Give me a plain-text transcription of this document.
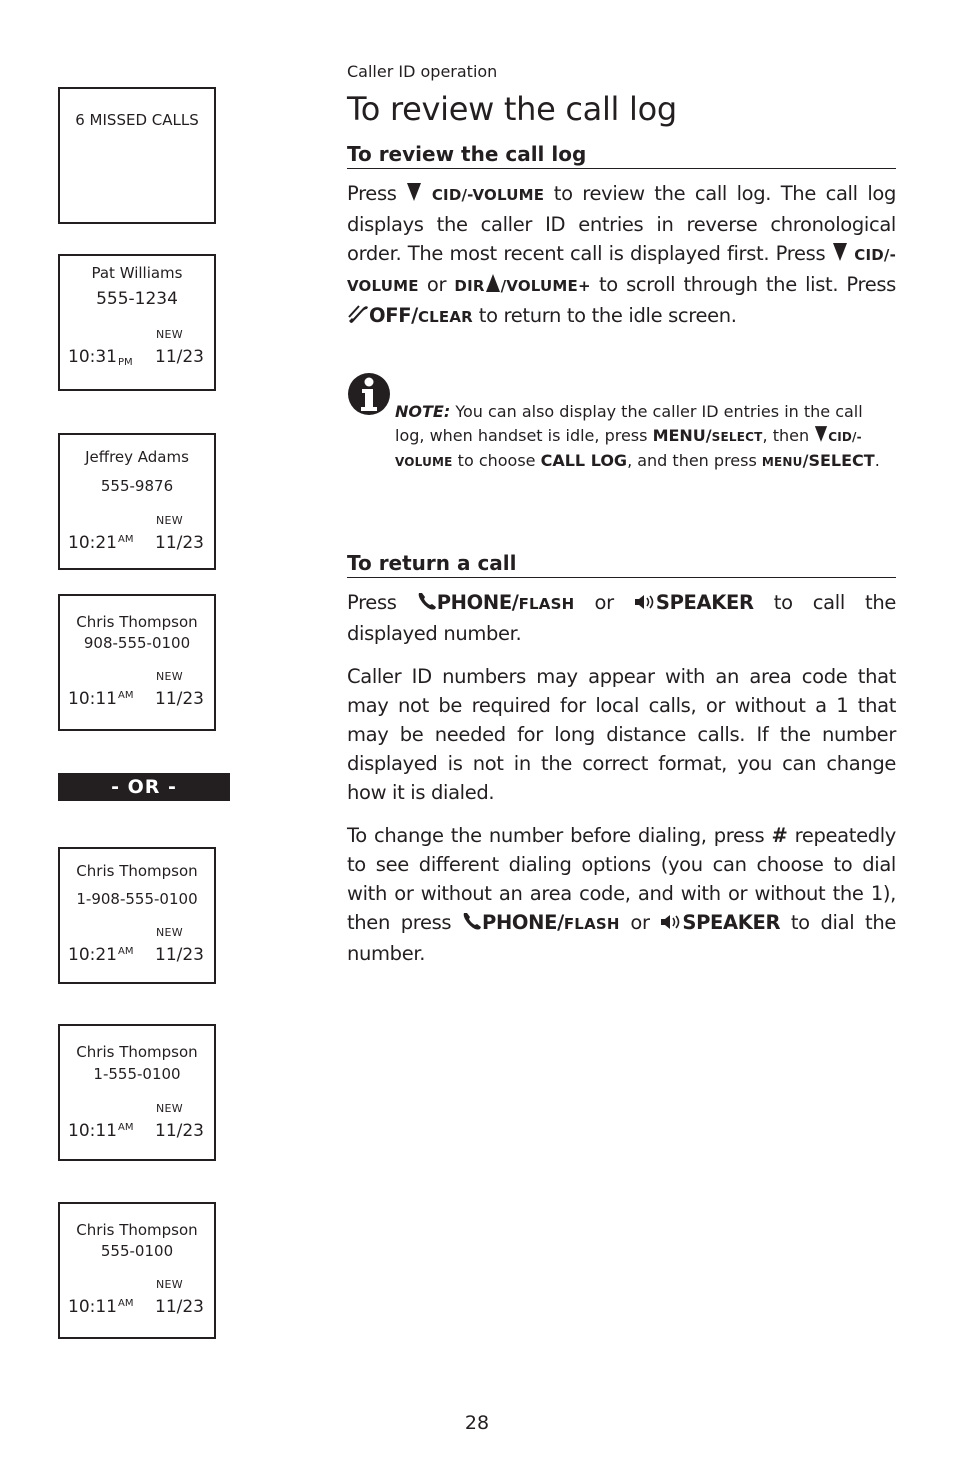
Caller ID operation
To review the call log
6 MISSED CALLS
Pat Williams
555-1234
NEW
10:31PM 11/23
Jeffrey Adams
555-9876
NEW
$10:21^{AM}$ 11/23
Chris Thompson
908-555-0100
NEW
$10:11^{AM}$ 11/23
- OR -
Chris Thompson
1-908-555-0100
NEW
$10:21^{AM}$ 11/23
Chris Thompson
1-555-0100
NEW
$10:11^{AM}$ 11/23
Chris Thompson
555-0100
NEW
$10:11^{AM}$ 11/23
To review the call log

Press  CID/-VOLUME to review the call log. The call log displays the caller ID entries in reverse chronological order. The most recent call is displayed first. Press  CID/-VOLUME or DIR /VOLUME+ to scroll through the list. Press OFF/CLEAR to return to the idle screen.

NOTE: You can also display the caller ID entries in the call log, when handset is idle, press MENU/SELECT, then CID/-VOLUME to choose CALL LOG, and then press MENU/SELECT.

To return a call

Press PHONE/FLASH or SPEAKER to call the displayed number.

Caller ID numbers may appear with an area code that may not be required for local calls, or without a 1 that may be needed for long distance calls. If the number displayed is not in the correct format, you can change how it is dialed.

To change the number before dialing, press # repeatedly to see different dialing options (you can choose to dial with or without an area code, and with or without the 1), then press PHONE/FLASH or SPEAKER to dial the number.

28
